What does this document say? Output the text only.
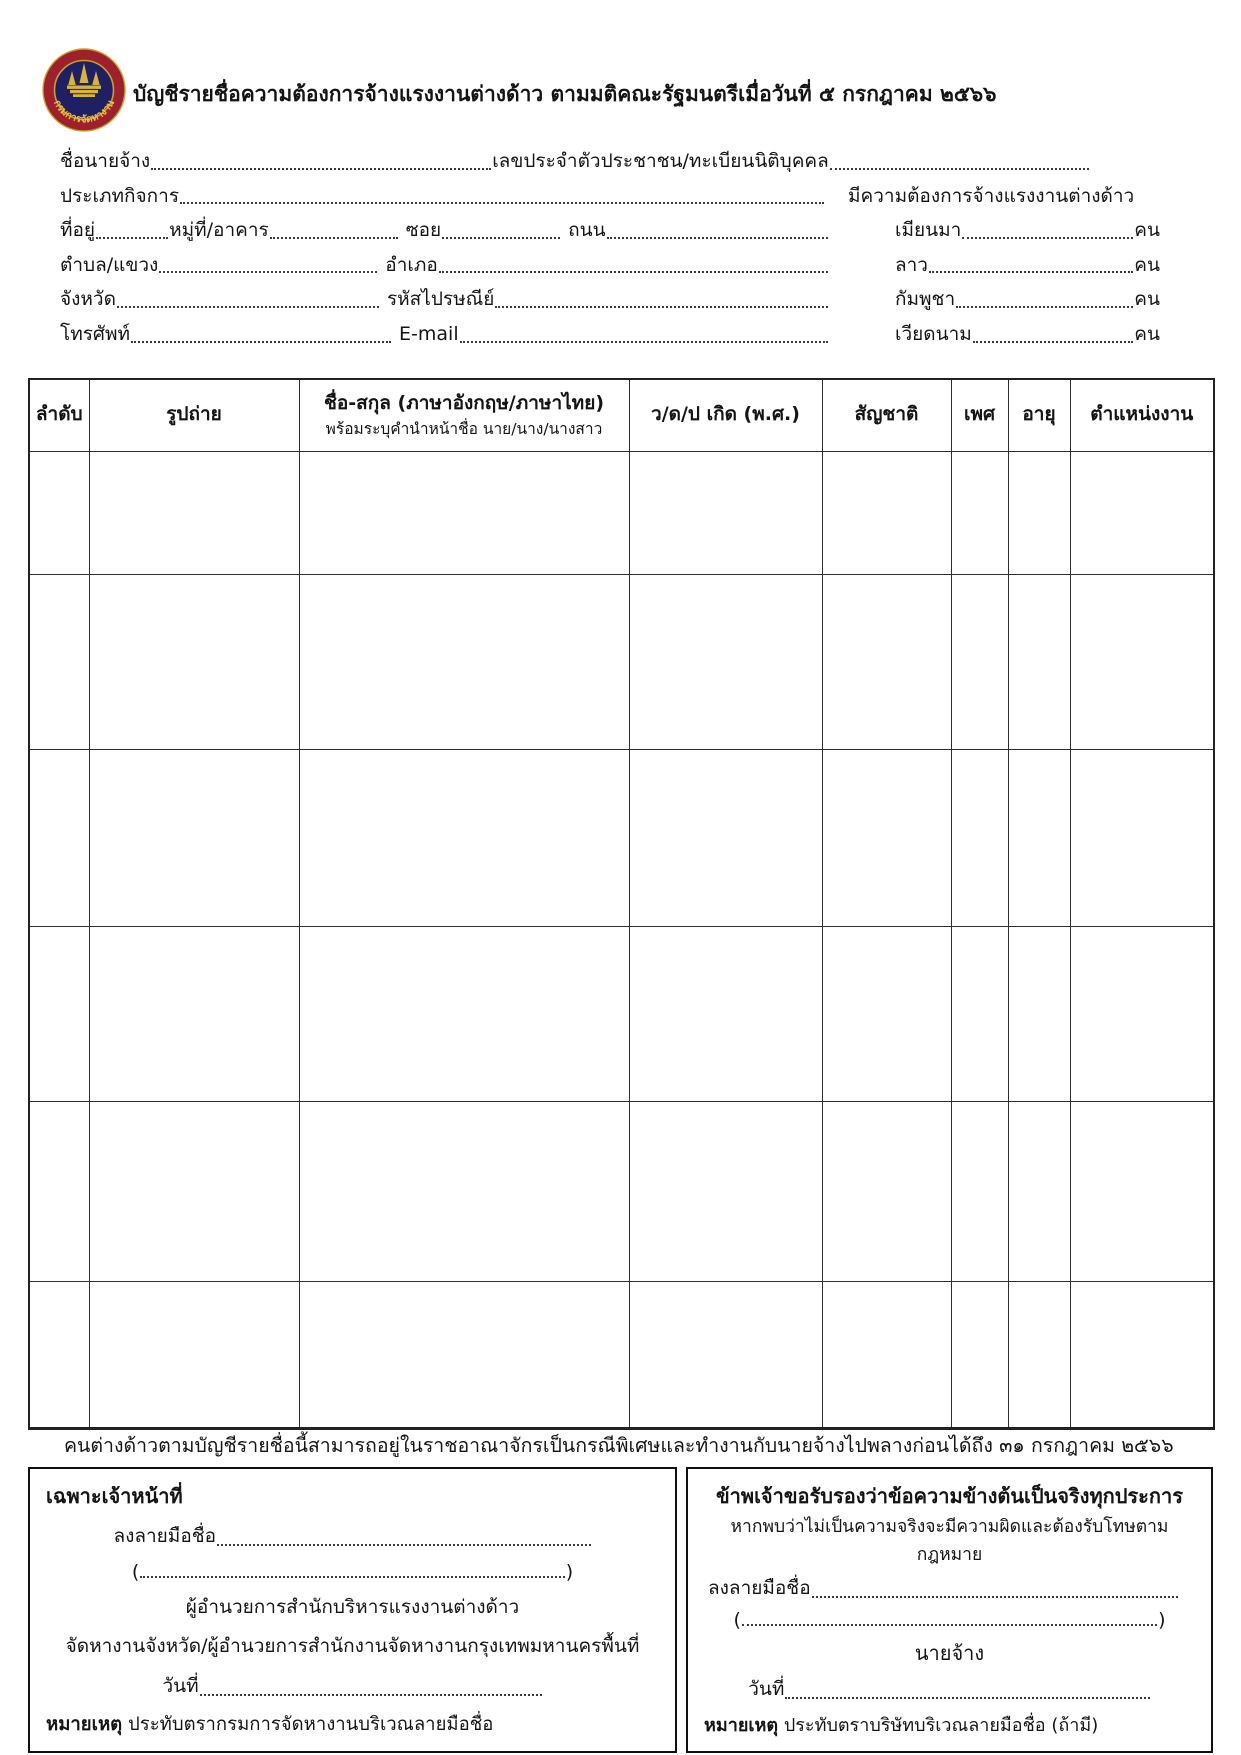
กรมการจัดหางาน บัญชีรายชื่อความต้องการจ้างแรงงานต่างด้าว ตามมติคณะรัฐมนตรีเมื่อวันที่ ๕ กรกฎาคม ๒๕๖๖
ชื่อนายจ้าง	เลขประจำตัวประชาชน/ทะเบียนนิติบุคคล
ประเภทกิจการ	มีความต้องการจ้างแรงงานต่างด้าว
ที่อยู่	หมู่ที่/อาคาร	ซอย	ถนน	เมียนมา	คน
ตำบล/แขวง	อำเภอ	ลาว	คน
จังหวัด	รหัสไปรษณีย์	กัมพูชา	คน
โทรศัพท์	E-mail	เวียดนาม	คน
ลำดับ	รูปถ่าย	ชื่อ-สกุล (ภาษาอังกฤษ/ภาษาไทย)
พร้อมระบุคำนำหน้าชื่อ นาย/นาง/นางสาว	ว/ด/ป เกิด (พ.ศ.)	สัญชาติ	เพศ	อายุ	ตำแหน่งงาน

คนต่างด้าวตามบัญชีรายชื่อนี้สามารถอยู่ในราชอาณาจักรเป็นกรณีพิเศษและทำงานกับนายจ้างไปพลางก่อนได้ถึง ๓๑ กรกฎาคม ๒๕๖๖
เฉพาะเจ้าหน้าที่
ลงลายมือชื่อ
(	)
ผู้อำนวยการสำนักบริหารแรงงานต่างด้าว
จัดหางานจังหวัด/ผู้อำนวยการสำนักงานจัดหางานกรุงเทพมหานครพื้นที่
วันที่
หมายเหตุ ประทับตรากรมการจัดหางานบริเวณลายมือชื่อ
ข้าพเจ้าขอรับรองว่าข้อความข้างต้นเป็นจริงทุกประการ
หากพบว่าไม่เป็นความจริงจะมีความผิดและต้องรับโทษตามกฎหมาย
ลงลายมือชื่อ
(	)
นายจ้าง
วันที่
หมายเหตุ ประทับตราบริษัทบริเวณลายมือชื่อ (ถ้ามี)
